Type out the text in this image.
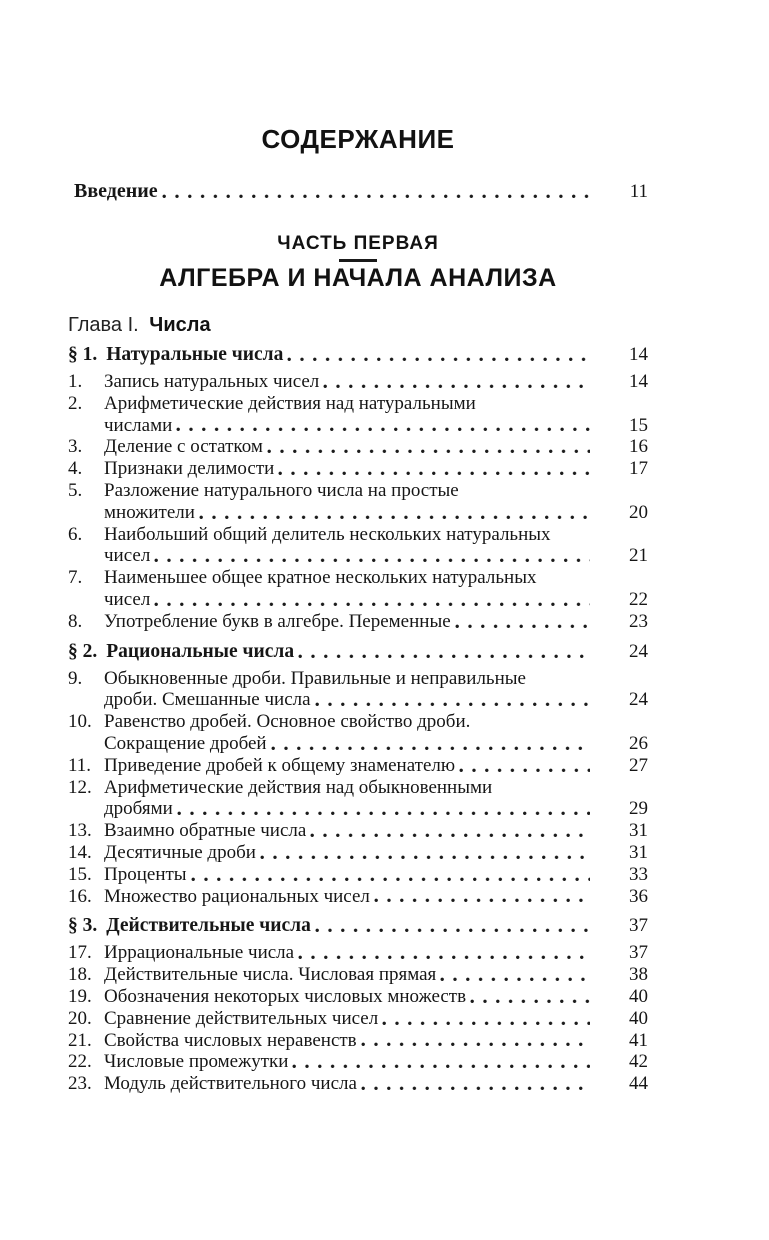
СОДЕРЖАНИЕ
Введение	11
ЧАСТЬ ПЕРВАЯ
АЛГЕБРА И НАЧАЛА АНАЛИЗА
Глава I. Числа
§ 1. Натуральные числа	14
1.	Запись натуральных чисел	14
2.	Арифметические действия над натуральными
числами	15
3.	Деление с остатком	16
4.	Признаки делимости	17
5.	Разложение натурального числа на простые
множители	20
6.	Наибольший общий делитель нескольких натуральных
чисел	21
7.	Наименьшее общее кратное нескольких натуральных
чисел	22
8.	Употребление букв в алгебре. Переменные	23
§ 2. Рациональные числа	24
9.	Обыкновенные дроби. Правильные и неправильные
дроби. Смешанные числа	24
10. Равенство дробей. Основное свойство дроби.
Сокращение дробей	26
11. Приведение дробей к общему знаменателю	27
12. Арифметические действия над обыкновенными
дробями	29
13. Взаимно обратные числа	31
14. Десятичные дроби	31
15. Проценты	33
16. Множество рациональных чисел	36
§ 3. Действительные числа	37
17. Иррациональные числа	37
18. Действительные числа. Числовая прямая	38
19. Обозначения некоторых числовых множеств	40
20. Сравнение действительных чисел	40
21. Свойства числовых неравенств	41
22. Числовые промежутки	42
23. Модуль действительного числа	44
